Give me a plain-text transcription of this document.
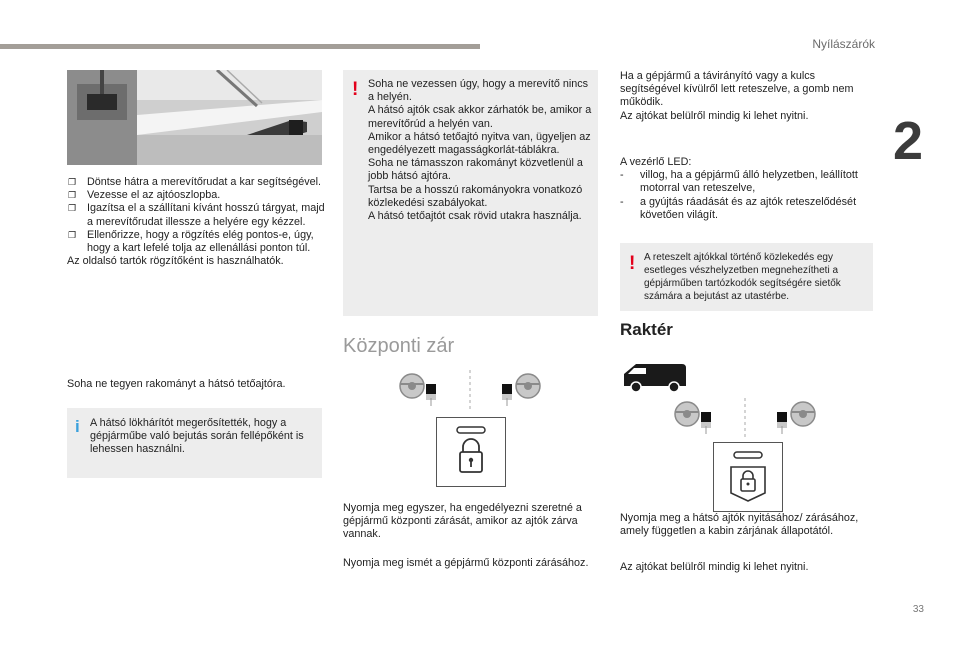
Nyílászárók
2
❐ Döntse hátra a merevítőrudat a kar segítségével.
❐ Vezesse el az ajtóoszlopba.
❐ Igazítsa el a szállítani kívánt hosszú tárgyat, majd a merevítőrudat illessze a helyére egy kézzel.
❐ Ellenőrizze, hogy a rögzítés elég pontos-e, úgy, hogy a kart lefelé tolja az ellenállási ponton túl.
Az oldalsó tartók rögzítőként is használhatók.
Soha ne tegyen rakományt a hátsó tetőajtóra.
i A hátsó lökhárítót megerősítették, hogy a gépjárműbe való bejutás során fellépőként is lehessen használni.
! Soha ne vezessen úgy, hogy a merevítő nincs a helyén.
A hátsó ajtók csak akkor zárhatók be, amikor a merevítőrúd a helyén van.
Amikor a hátsó tetőajtó nyitva van, ügyeljen az engedélyezett magasságkorlát-táblákra.
Soha ne támasszon rakományt közvetlenül a jobb hátsó ajtóra.
Tartsa be a hosszú rakományokra vonatkozó közlekedési szabályokat.
A hátsó tetőajtót csak rövid utakra használja.
Központi zár
Nyomja meg egyszer, ha engedélyezni szeretné a gépjármű központi zárását, amikor az ajtók zárva vannak.
Nyomja meg ismét a gépjármű központi zárásához.
Ha a gépjármű a távirányító vagy a kulcs segítségével kívülről lett reteszelve, a gomb nem működik.
Az ajtókat belülről mindig ki lehet nyitni.
A vezérlő LED:
- villog, ha a gépjármű álló helyzetben, leállított motorral van reteszelve,
- a gyújtás ráadását és az ajtók reteszelődését követően világít.
! A reteszelt ajtókkal történő közlekedés egy esetleges vészhelyzetben megnehezítheti a gépjárműben tartózkodók segítségére sietők számára a bejutást az utastérbe.
Raktér
Nyomja meg a hátsó ajtók nyitásához/ zárásához, amely független a kabin zárjának állapotától.
Az ajtókat belülről mindig ki lehet nyitni.
33
